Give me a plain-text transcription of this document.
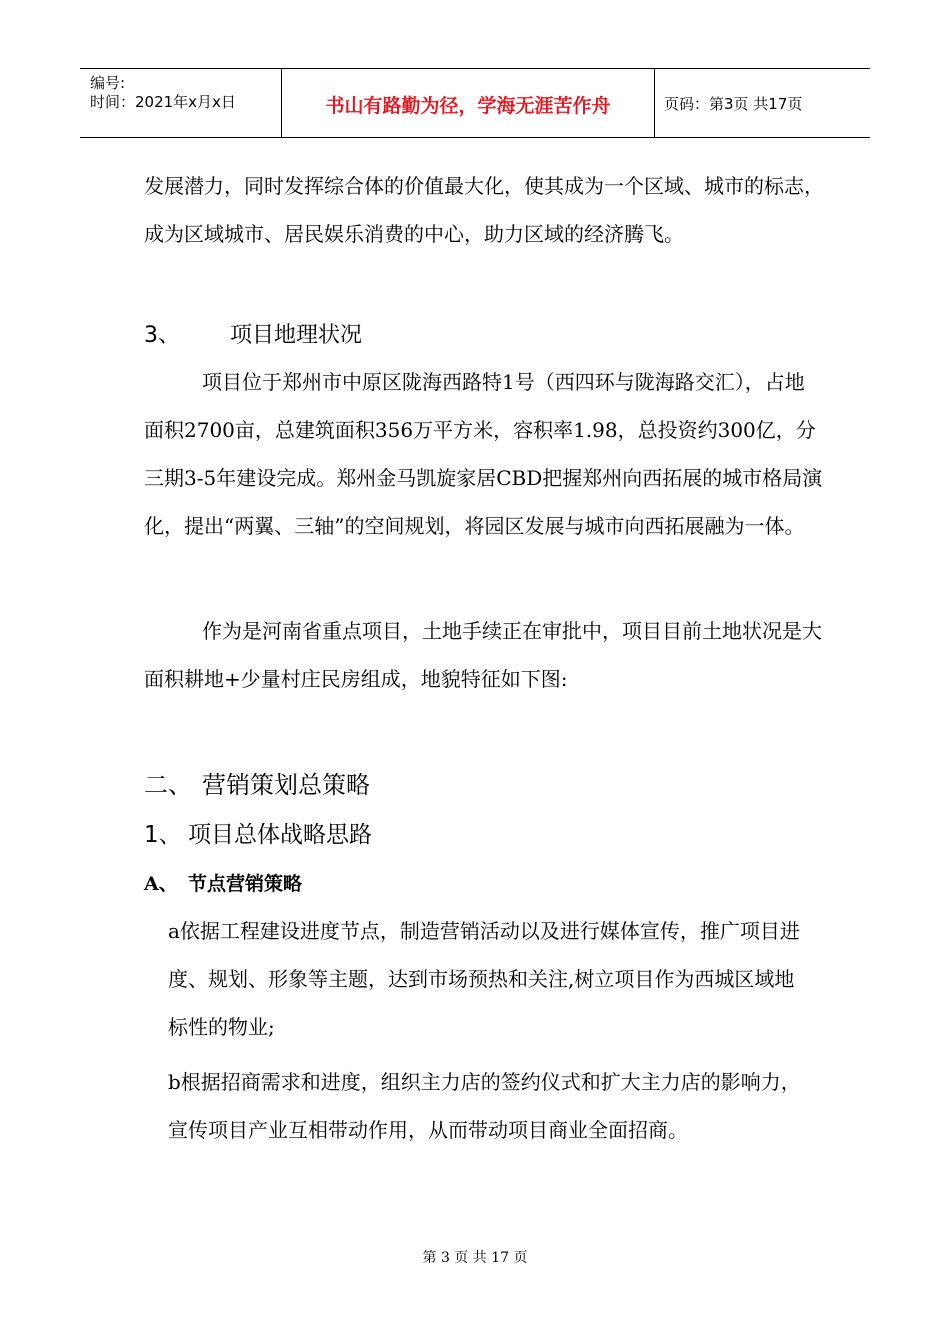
编号:
时间：2021年x月x日	书山有路勤为径，学海无涯苦作舟	页码：第3页 共17页
发展潜力，同时发挥综合体的价值最大化，使其成为一个区域、城市的标志，成为区域城市、居民娱乐消费的中心，助力区域的经济腾飞。
3、 项目地理状况
项目位于郑州市中原区陇海西路特1号（西四环与陇海路交汇），占地面积2700亩，总建筑面积356万平方米，容积率1.98，总投资约300亿，分三期3-5年建设完成。郑州金马凯旋家居CBD把握郑州向西拓展的城市格局演化，提出“两翼、三轴”的空间规划，将园区发展与城市向西拓展融为一体。
作为是河南省重点项目，土地手续正在审批中，项目目前土地状况是大面积耕地+少量村庄民房组成，地貌特征如下图:
二、 营销策划总策略
1、 项目总体战略思路
A、 节点营销策略
a依据工程建设进度节点，制造营销活动以及进行媒体宣传，推广项目进度、规划、形象等主题，达到市场预热和关注,树立项目作为西城区域地标性的物业;
b根据招商需求和进度，组织主力店的签约仪式和扩大主力店的影响力，宣传项目产业互相带动作用，从而带动项目商业全面招商。
第 3 页 共 17 页
